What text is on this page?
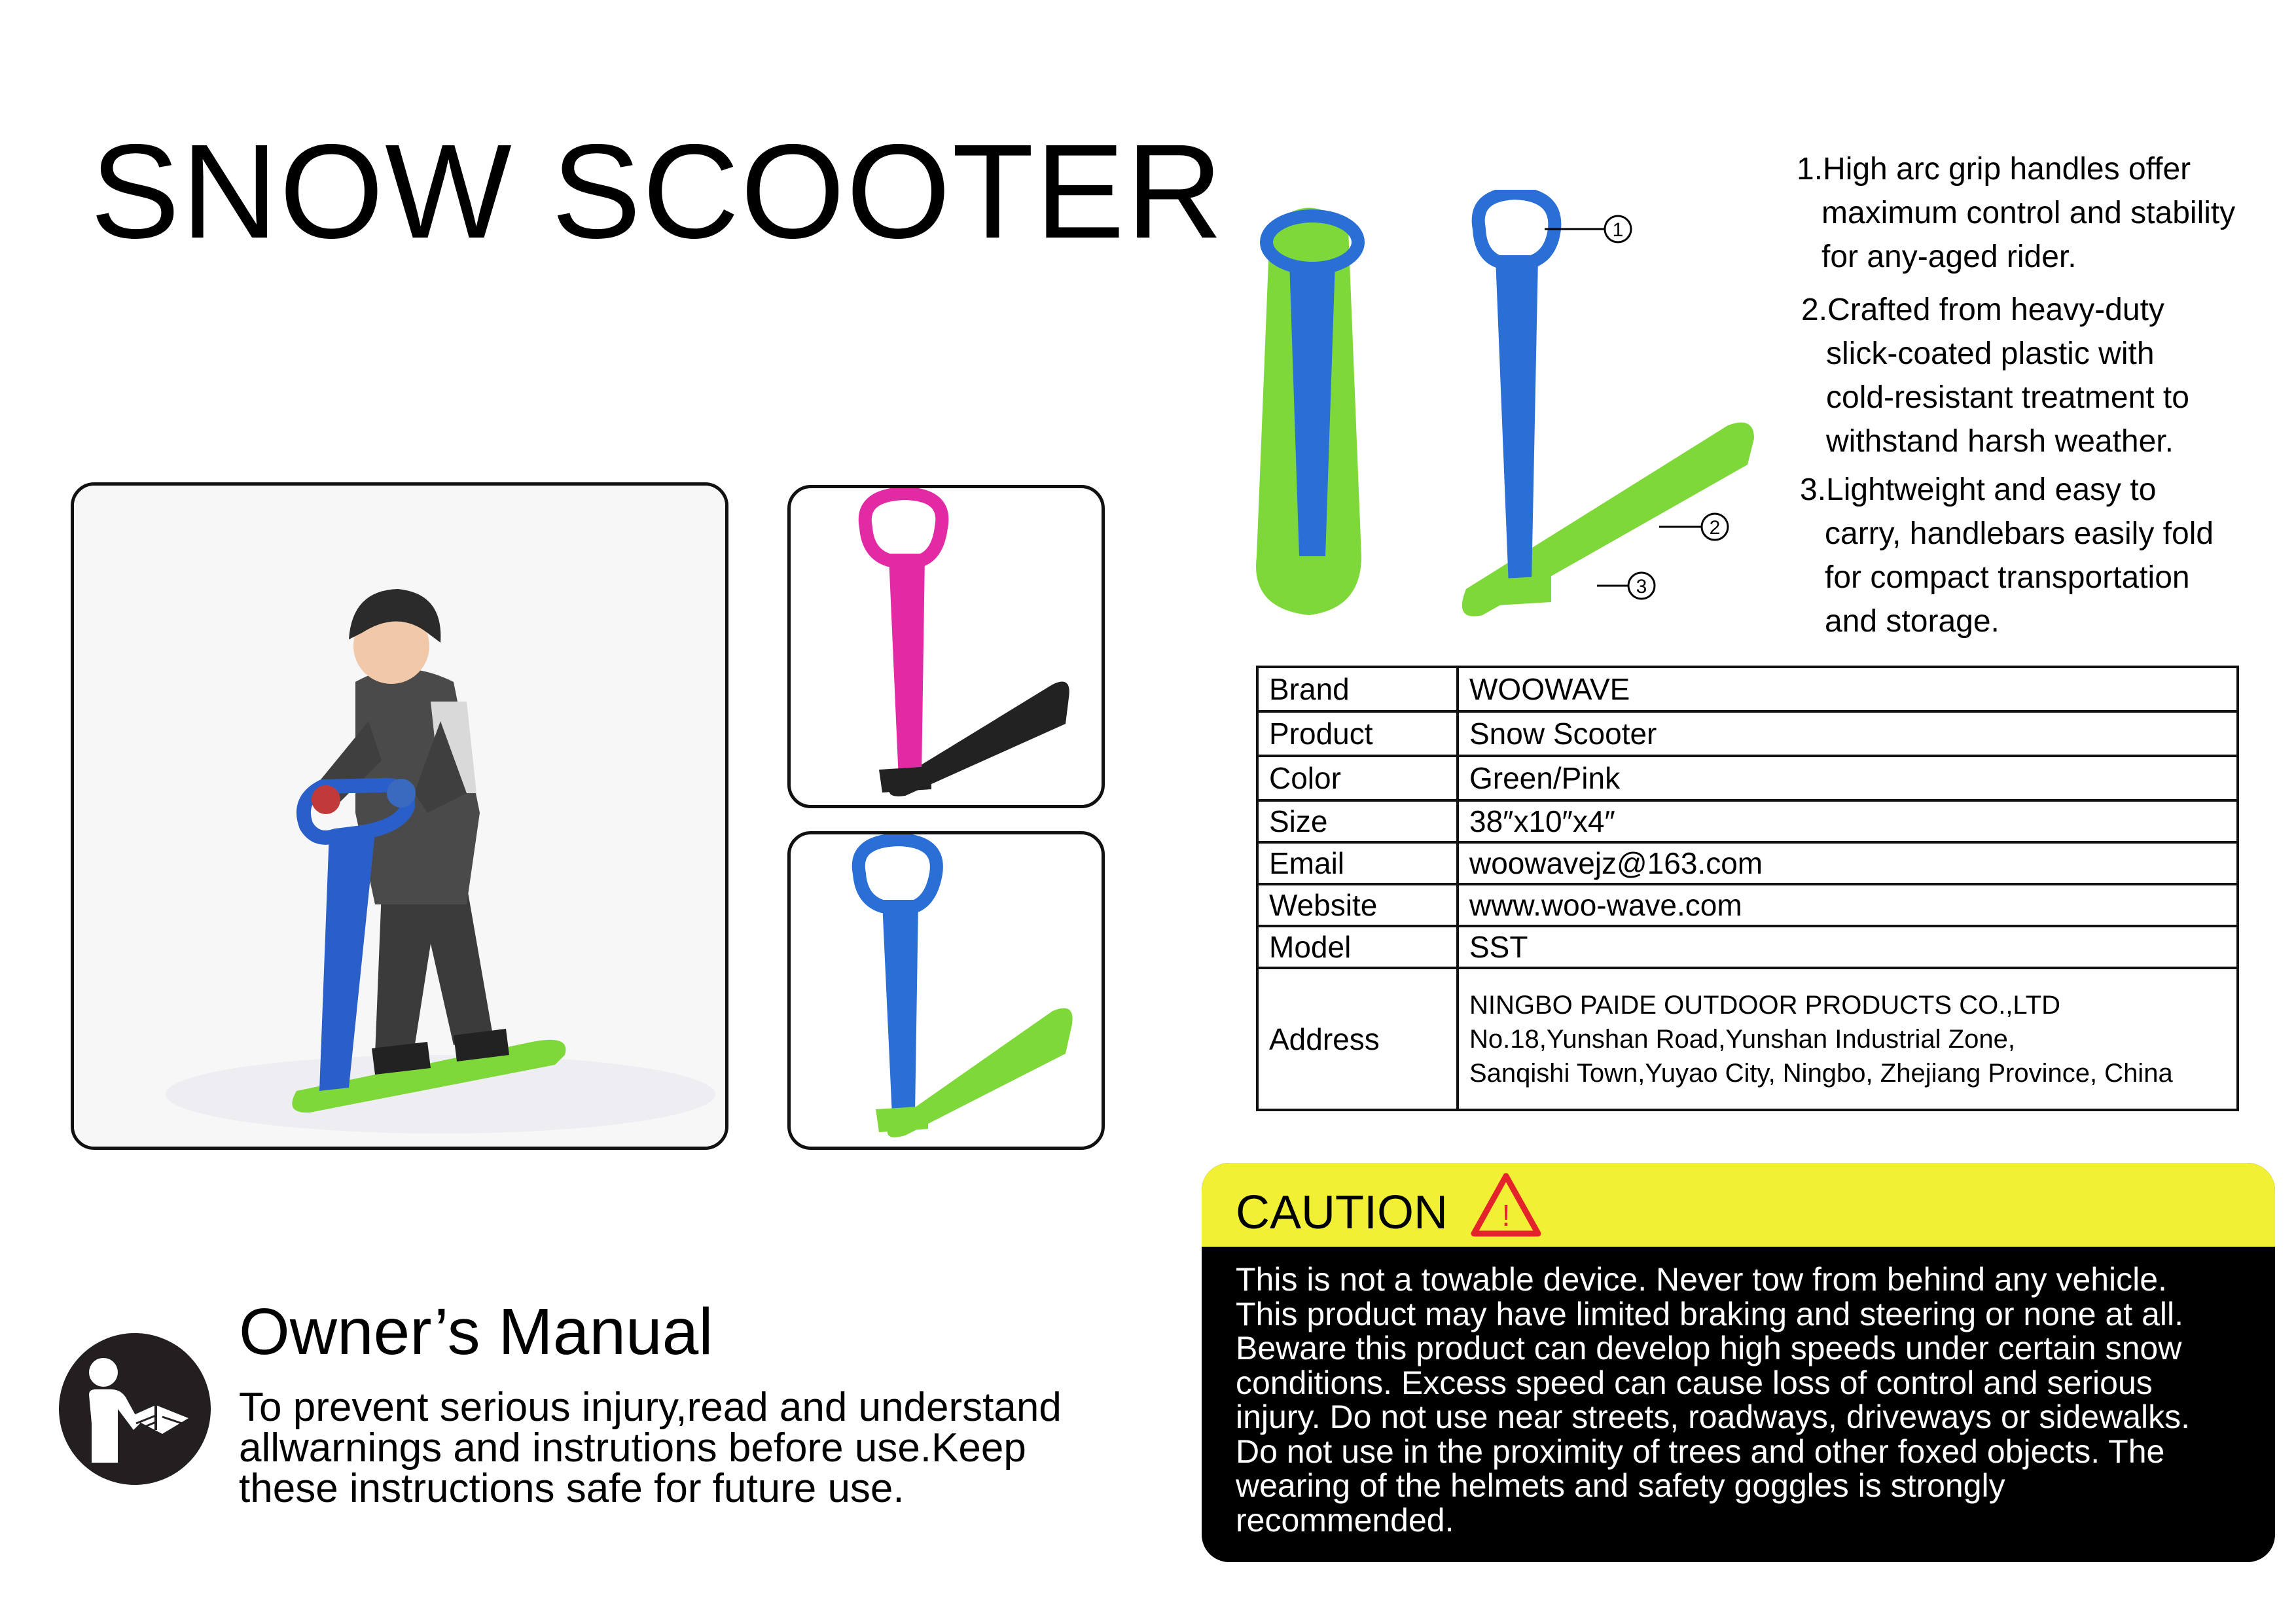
SNOW SCOOTER	1
2
3
1.High arc grip handles offer
maximum control and stability
for any-aged rider.
2.Crafted from heavy-duty
slick-coated plastic with
cold-resistant treatment to
withstand harsh weather.
3.Lightweight and easy to
carry, handlebars easily fold
for compact transportation
and storage.
Brand	WOOWAVE
Product	Snow Scooter
Color	Green/Pink
Size	38″x10″x4″
Email	woowavejz@163.com
Website	www.woo-wave.com
Model	SST
Address	NINGBO PAIDE OUTDOOR PRODUCTS CO.,LTD
No.18,Yunshan Road,Yunshan Industrial Zone,
Sanqishi Town,Yuyao City, Ningbo, Zhejiang Province, China
CAUTION !
This is not a towable device. Never tow from behind any vehicle.
This product may have limited braking and steering or none at all.
Beware this product can develop high speeds under certain snow
conditions. Excess speed can cause loss of control and serious
injury. Do not use near streets, roadways, driveways or sidewalks.
Do not use in the proximity of trees and other foxed objects. The
wearing of the helmets and safety goggles is strongly
recommended.
Owner’s Manual
To prevent serious injury,read and understand
allwarnings and instrutions before use.Keep
these instructions safe for future use.
